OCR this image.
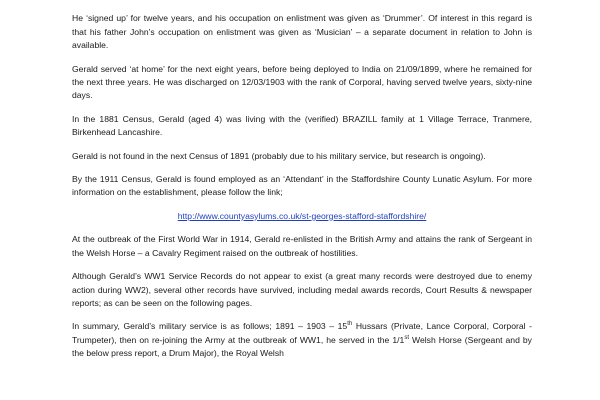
He ‘signed up’ for twelve years, and his occupation on enlistment was given as ‘Drummer’. Of interest in this regard is that his father John’s occupation on enlistment was given as ‘Musician’ – a separate document in relation to John is available.

Gerald served ‘at home’ for the next eight years, before being deployed to India on 21/09/1899, where he remained for the next three years. He was discharged on 12/03/1903 with the rank of Corporal, having served twelve years, sixty-nine days.

In the 1881 Census, Gerald (aged 4) was living with the (verified) BRAZILL family at 1 Village Terrace, Tranmere, Birkenhead Lancashire.

Gerald is not found in the next Census of 1891 (probably due to his military service, but research is ongoing).

By the 1911 Census, Gerald is found employed as an ‘Attendant’ in the Staffordshire County Lunatic Asylum. For more information on the establishment, please follow the link;

http://www.countyasylums.co.uk/st-georges-stafford-staffordshire/

At the outbreak of the First World War in 1914, Gerald re-enlisted in the British Army and attains the rank of Sergeant in the Welsh Horse – a Cavalry Regiment raised on the outbreak of hostilities.

Although Gerald’s WW1 Service Records do not appear to exist (a great many records were destroyed due to enemy action during WW2), several other records have survived, including medal awards records, Court Results & newspaper reports; as can be seen on the following pages.

In summary, Gerald’s military service is as follows; 1891 – 1903 – 15th Hussars (Private, Lance Corporal, Corporal - Trumpeter), then on re-joining the Army at the outbreak of WW1, he served in the 1/1st Welsh Horse (Sergeant and by the below press report, a Drum Major), the Royal Welsh
